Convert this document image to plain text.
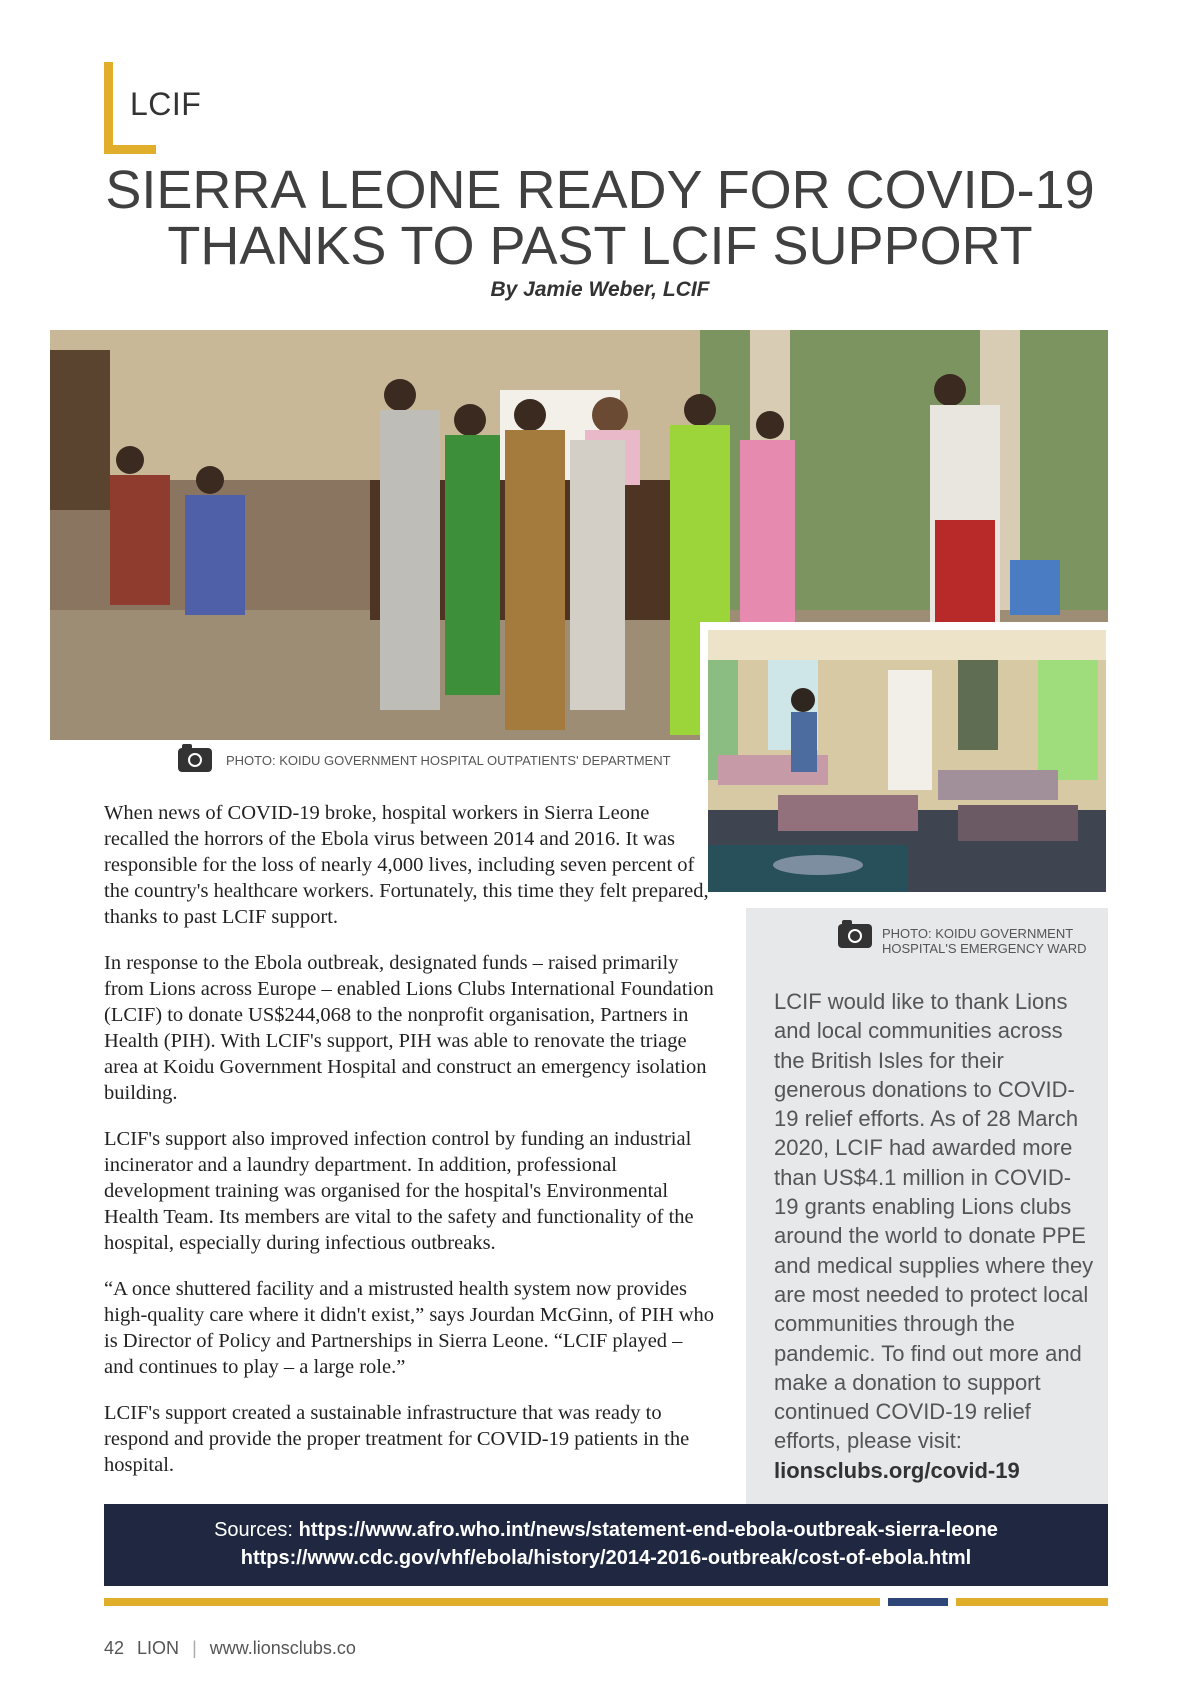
LCIF
SIERRA LEONE READY FOR COVID-19
THANKS TO PAST LCIF SUPPORT
By Jamie Weber, LCIF
PHOTO: KOIDU GOVERNMENT HOSPITAL OUTPATIENTS' DEPARTMENT

When news of COVID-19 broke, hospital workers in Sierra Leone recalled the horrors of the Ebola virus between 2014 and 2016. It was responsible for the loss of nearly 4,000 lives, including seven percent of the country's healthcare workers. Fortunately, this time they felt prepared, thanks to past LCIF support.

In response to the Ebola outbreak, designated funds – raised primarily from Lions across Europe – enabled Lions Clubs International Foundation (LCIF) to donate US$244,068 to the nonprofit organisation, Partners in Health (PIH). With LCIF's support, PIH was able to renovate the triage area at Koidu Government Hospital and construct an emergency isolation building.

LCIF's support also improved infection control by funding an industrial incinerator and a laundry department. In addition, professional development training was organised for the hospital's Environmental Health Team. Its members are vital to the safety and functionality of the hospital, especially during infectious outbreaks.

“A once shuttered facility and a mistrusted health system now provides high-quality care where it didn't exist,” says Jourdan McGinn, of PIH who is Director of Policy and Partnerships in Sierra Leone. “LCIF played – and continues to play – a large role.”

LCIF's support created a sustainable infrastructure that was ready to respond and provide the proper treatment for COVID-19 patients in the hospital.

PHOTO: KOIDU GOVERNMENT
HOSPITAL'S EMERGENCY WARD
LCIF would like to thank Lions and local communities across the British Isles for their generous donations to COVID-19 relief efforts. As of 28 March 2020, LCIF had awarded more than US$4.1 million in COVID-19 grants enabling Lions clubs around the world to donate PPE and medical supplies where they are most needed to protect local communities through the pandemic. To find out more and make a donation to support continued COVID-19 relief efforts, please visit:
lionsclubs.org/covid-19
Sources: https://www.afro.who.int/news/statement-end-ebola-outbreak-sierra-leone
https://www.cdc.gov/vhf/ebola/history/2014-2016-outbreak/cost-of-ebola.html
42 LION | www.lionsclubs.co
